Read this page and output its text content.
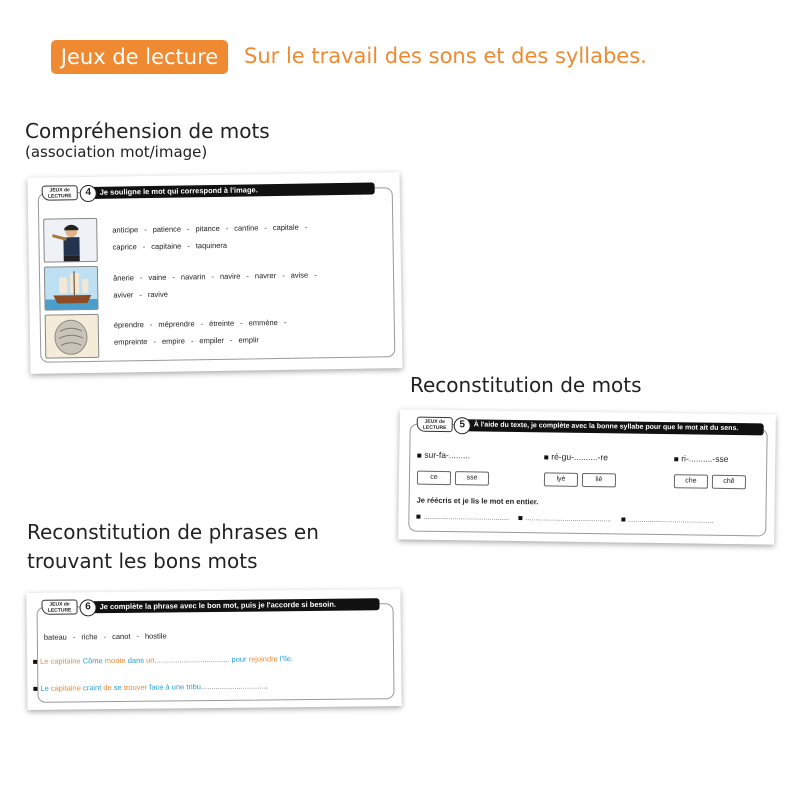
Jeux de lecture	Sur le travail des sons et des syllabes.
Compréhension de mots
(association mot/image)
Reconstitution de mots
Reconstitution de phrases en
trouvant les bons mots
JEUX de LECTURE	Je souligne le mot qui correspond à l'image.
4
anticipe - patience - pitance - cantine - capitale -
caprice - capitaine - taquinera
ânerie - vaine - navarin - navire - navrer - avise -
aviver - ravive
éprendre - méprendre - étreinte - emmène -
empreinte - empire - empiler - emplir
JEUX de LECTURE	À l'aide du texte, je complète avec la bonne syllabe pour que le mot ait du sens.
5
sur-fa-.........
ce	sse
ré-gu-..........-re
lyè	liè
ri-..........-sse
che	chê
Je réécris et je lis le mot en entier.
............................................     ............................................     ............................................
JEUX de LECTURE	Je complète la phrase avec le bon mot, puis je l'accorde si besoin.
6
bateau - riche - canot - hostile
Le capitaine Côme monte dans un.................................... pour rejoindre l'île.
Le capitaine craint de se trouver face à une tribu................................
